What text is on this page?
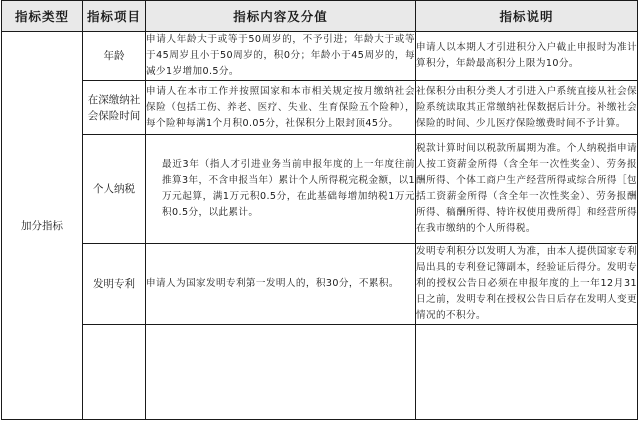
指标类型	指标项目	指标内容及分值	指标说明
加分指标	年龄	申请人年龄大于或等于50周岁的，不予引进；年龄大于或等于45周岁且小于50周岁的，积0分；年龄小于45周岁的，每减少1岁增加0.5分。	申请人以本期人才引进积分入户截止申报时为准计算积分，年龄最高积分上限为10分。
	在深缴纳社会保险时间	申请人在本市工作并按照国家和本市相关规定按月缴纳社会保险（包括工伤、养老、医疗、失业、生育保险五个险种），每个险种每满1个月积0.05分，社保积分上限封顶45分。	社保积分由积分类人才引进入户系统直接从社会保险系统读取其正常缴纳社保数据后计分。补缴社会保险的时间、少儿医疗保险缴费时间不予计算。
	个人纳税	最近3年（指人才引进业务当前申报年度的上一年度往前推算3年，不含申报当年）累计个人所得税完税金额，以1万元起算，满1万元积0.5分，在此基础每增加纳税1万元积0.5分，以此累计。	税款计算时间以税款所属期为准。个人纳税指申请人按工资薪金所得（含全年一次性奖金）、劳务报酬所得、个体工商户生产经营所得或综合所得［包括工资薪金所得（含全年一次性奖金）、劳务报酬所得、稿酬所得、特许权使用费所得］和经营所得在我市缴纳的个人所得税。
	发明专利	申请人为国家发明专利第一发明人的，积30分，不累积。	发明专利积分以发明人为准，由本人提供国家专利局出具的专利登记簿副本，经验证后得分。发明专利的授权公告日必须在申报年度的上一年12月31日之前，发明专利在授权公告日后存在发明人变更情况的不积分。
